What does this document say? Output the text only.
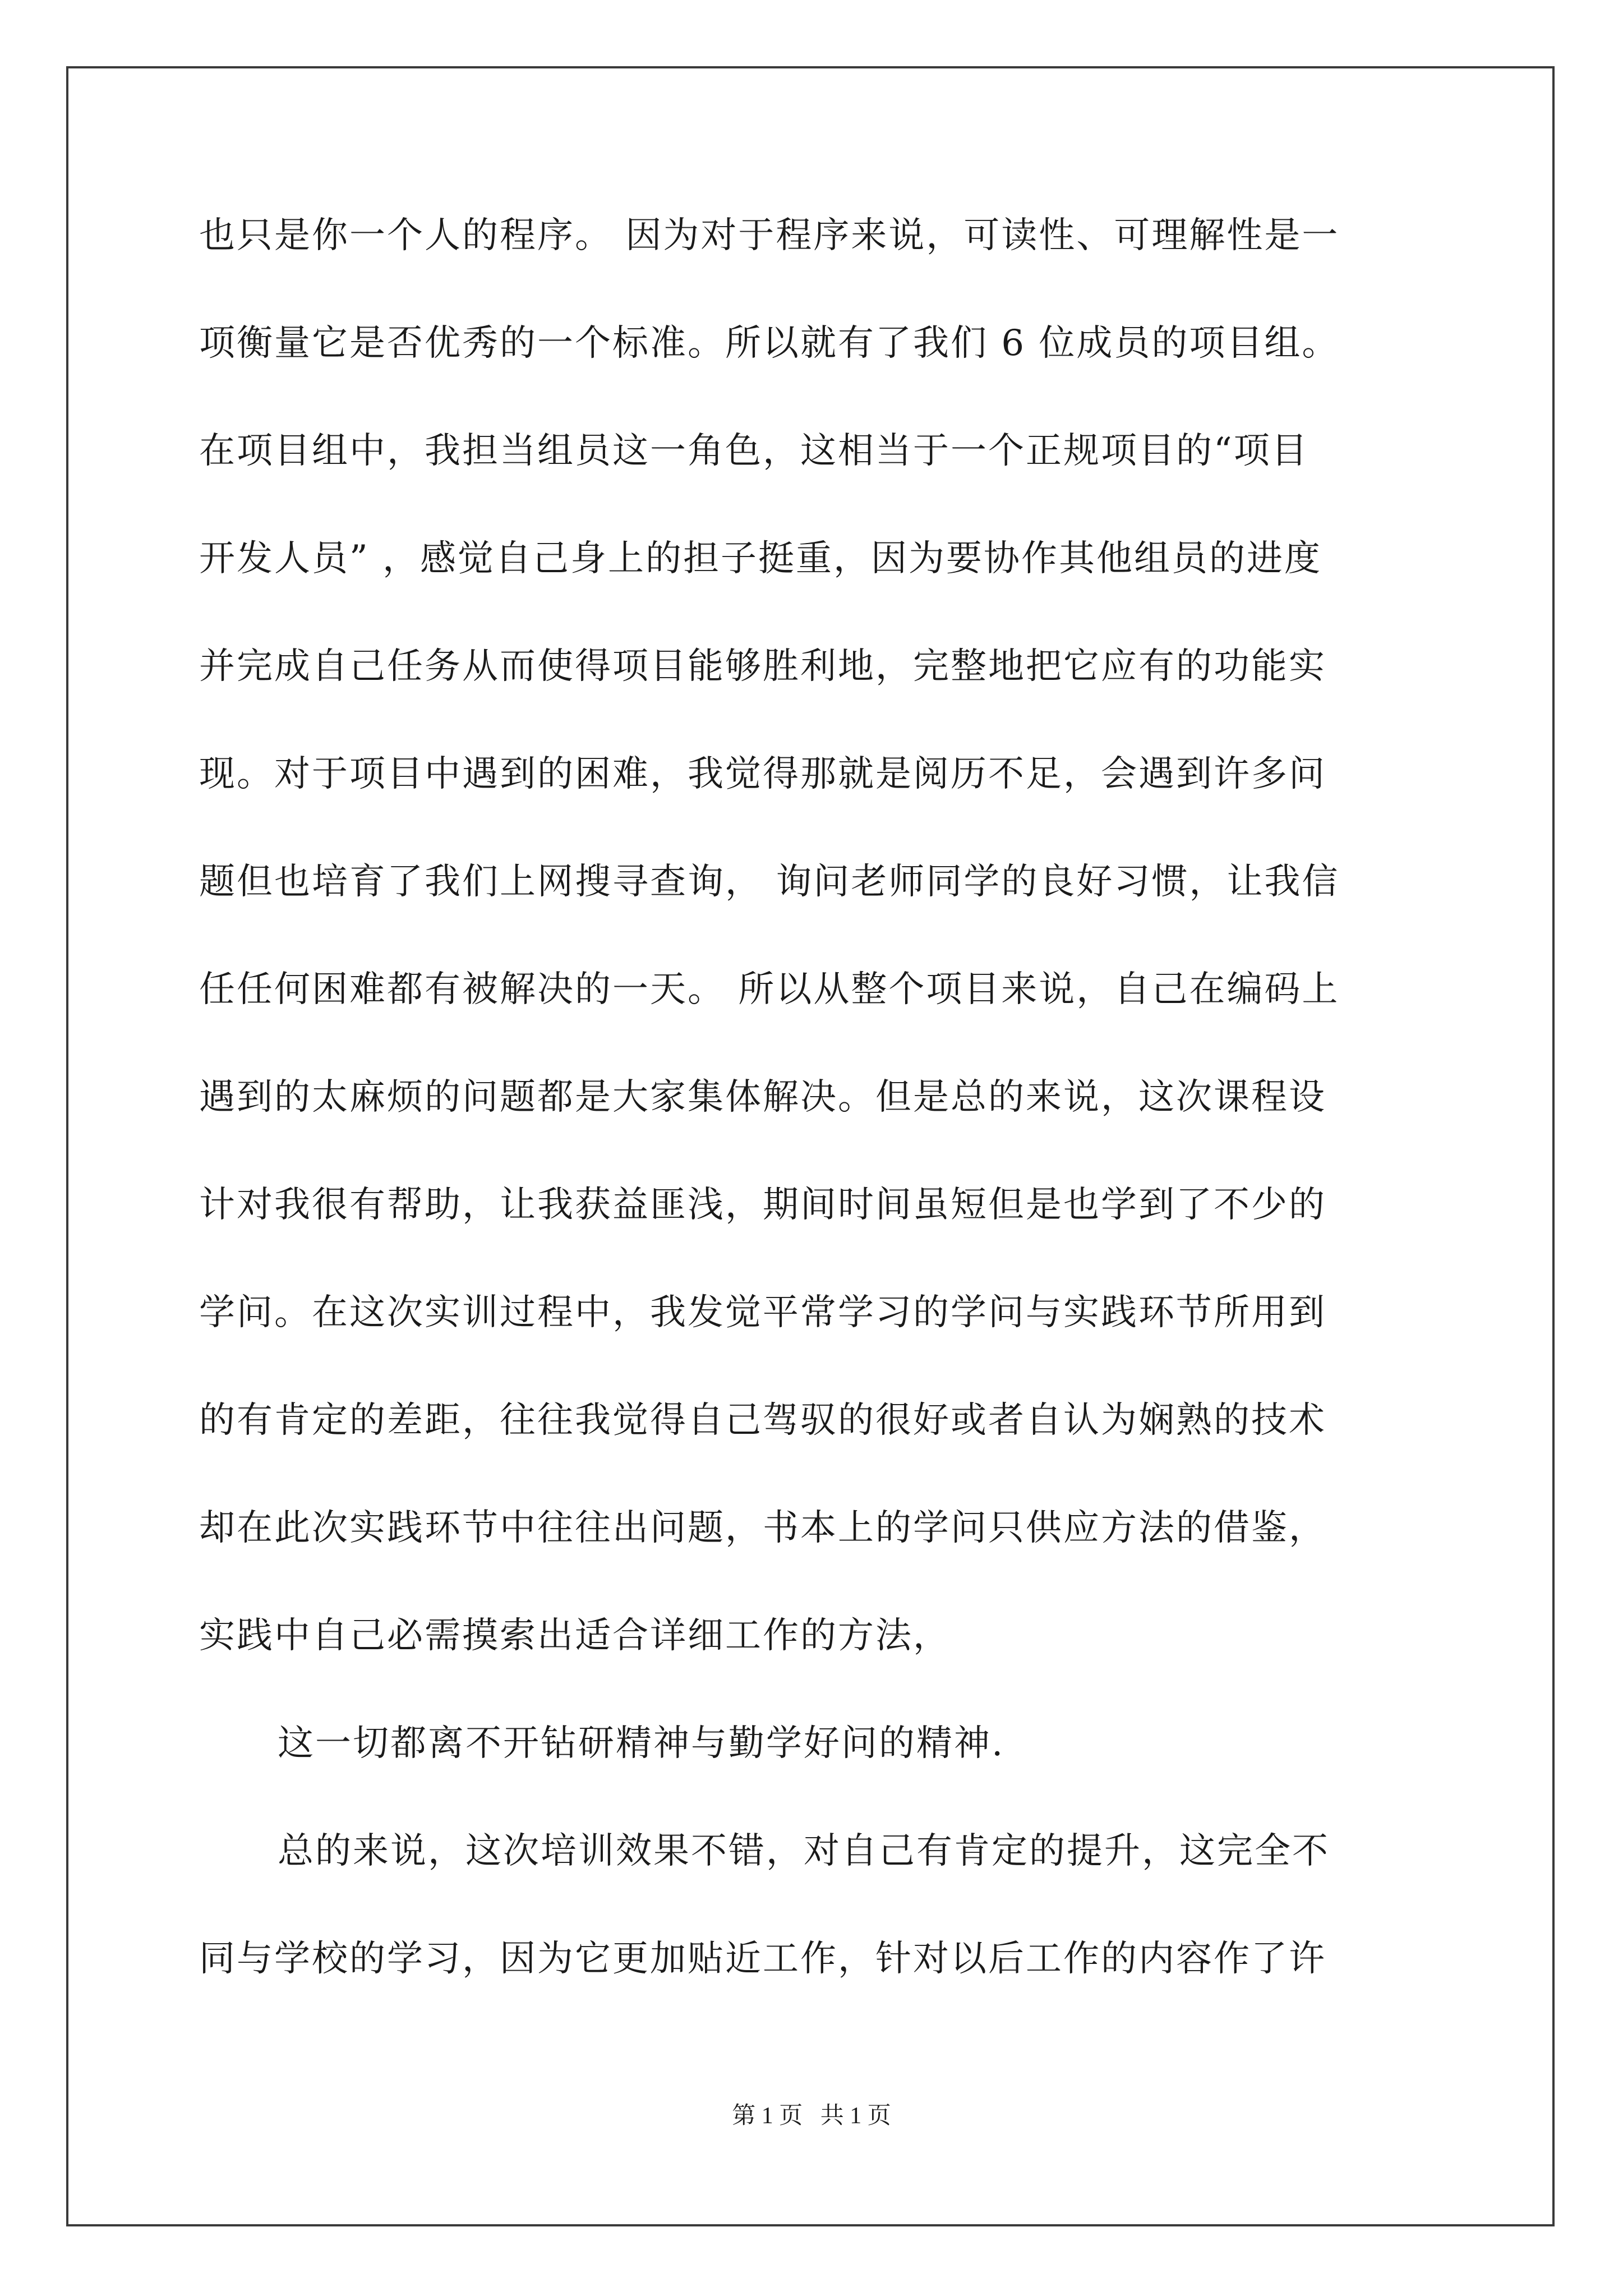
也只是你一个人的程序。 因为对于程序来说，可读性、可理解性是一
项衡量它是否优秀的一个标准。所以就有了我们 6 位成员的项目组。
在项目组中，我担当组员这一角色，这相当于一个正规项目的“项目
开发人员” ，感觉自己身上的担子挺重，因为要协作其他组员的进度
并完成自己任务从而使得项目能够胜利地，完整地把它应有的功能实
现。对于项目中遇到的困难，我觉得那就是阅历不足，会遇到许多问
题但也培育了我们上网搜寻查询， 询问老师同学的良好习惯，让我信
任任何困难都有被解决的一天。 所以从整个项目来说，自己在编码上
遇到的太麻烦的问题都是大家集体解决。但是总的来说，这次课程设
计对我很有帮助，让我获益匪浅，期间时间虽短但是也学到了不少的
学问。在这次实训过程中，我发觉平常学习的学问与实践环节所用到
的有肯定的差距，往往我觉得自己驾驭的很好或者自认为娴熟的技术
却在此次实践环节中往往出问题，书本上的学问只供应方法的借鉴，
实践中自己必需摸索出适合详细工作的方法，
这一切都离不开钻研精神与勤学好问的精神.
总的来说，这次培训效果不错，对自己有肯定的提升，这完全不
同与学校的学习，因为它更加贴近工作，针对以后工作的内容作了许
第 1 页   共 1 页
